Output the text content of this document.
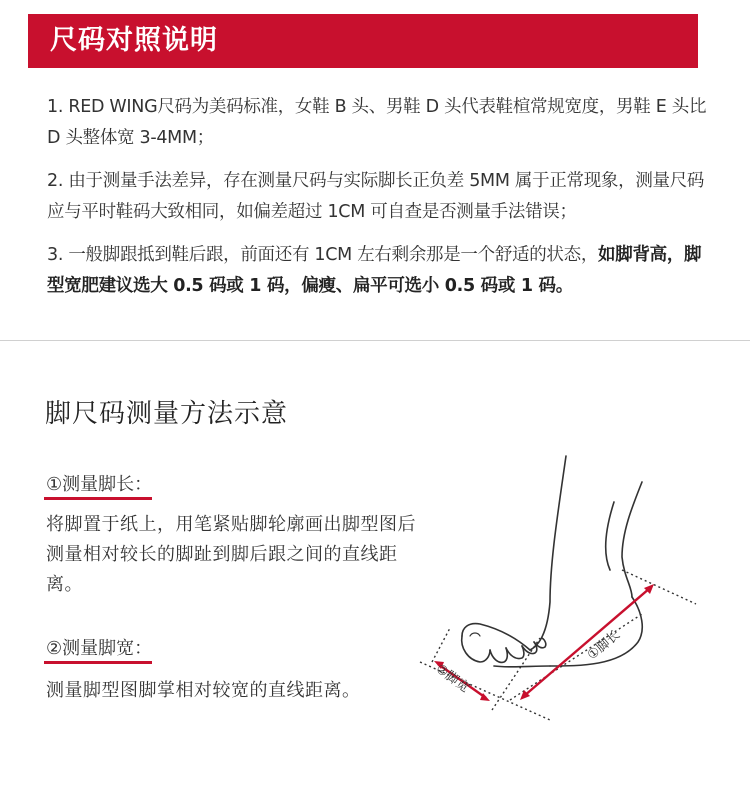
尺码对照说明
1. RED WING尺码为美码标准，女鞋 B 头、男鞋 D 头代表鞋楦常规宽度，男鞋 E 头比 D 头整体宽 3-4MM；
2. 由于测量手法差异，存在测量尺码与实际脚长正负差 5MM 属于正常现象，测量尺码应与平时鞋码大致相同，如偏差超过 1CM 可自查是否测量手法错误；
3. 一般脚跟抵到鞋后跟，前面还有 1CM 左右剩余那是一个舒适的状态，如脚背高，脚型宽肥建议选大 0.5 码或 1 码，偏瘦、扁平可选小 0.5 码或 1 码。
脚尺码测量方法示意
①测量脚长：
将脚置于纸上，用笔紧贴脚轮廓画出脚型图后测量相对较长的脚趾到脚后跟之间的直线距离。
②测量脚宽：
测量脚型图脚掌相对较宽的直线距离。	②脚宽
①脚长
